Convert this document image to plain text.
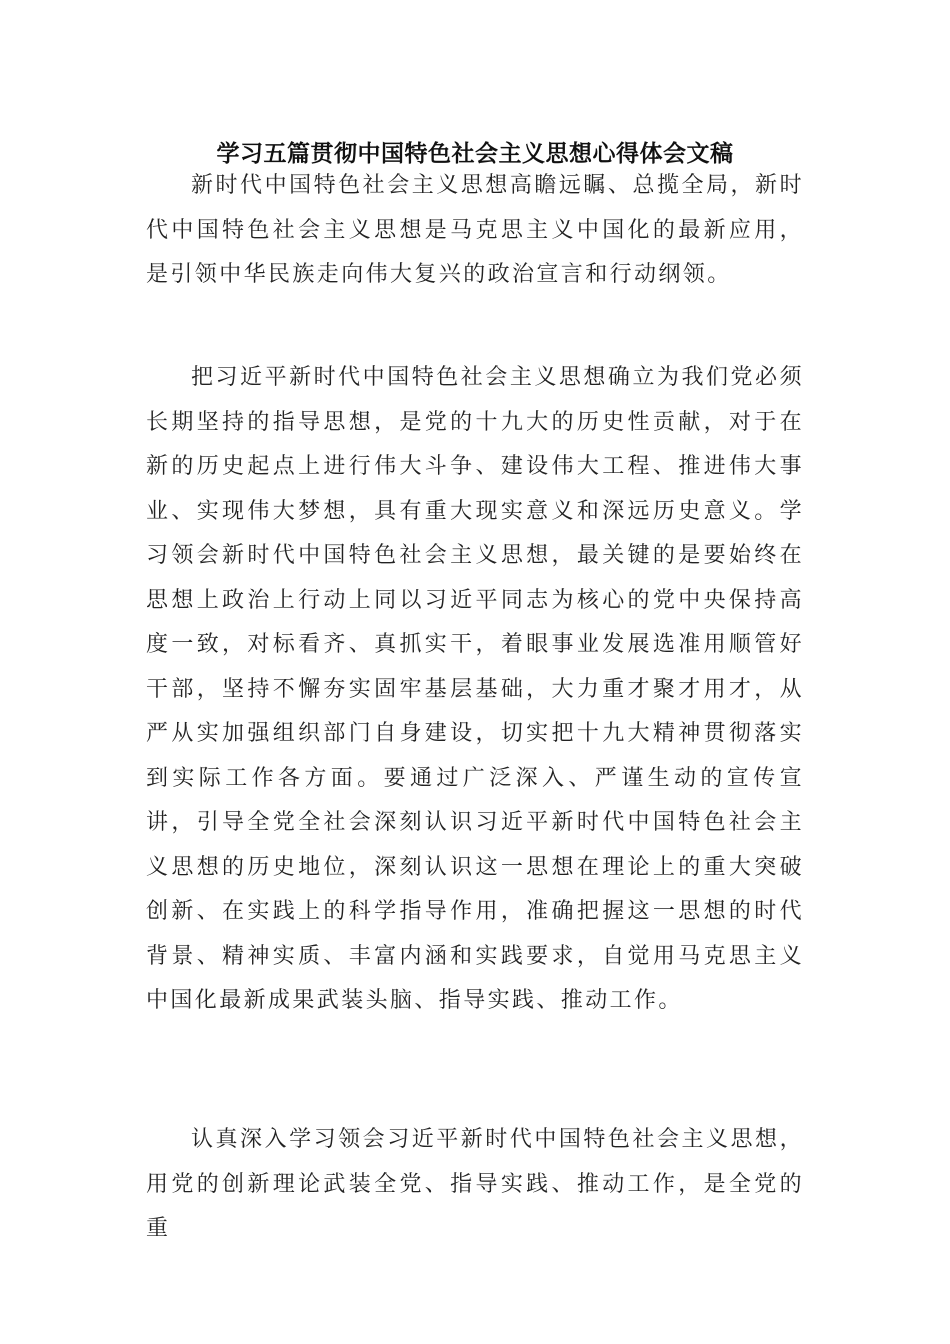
学习五篇贯彻中国特色社会主义思想心得体会文稿

新时代中国特色社会主义思想高瞻远瞩、总揽全局，新时代中国特色社会主义思想是马克思主义中国化的最新应用，是引领中华民族走向伟大复兴的政治宣言和行动纲领。

把习近平新时代中国特色社会主义思想确立为我们党必须长期坚持的指导思想，是党的十九大的历史性贡献，对于在新的历史起点上进行伟大斗争、建设伟大工程、推进伟大事业、实现伟大梦想，具有重大现实意义和深远历史意义。学习领会新时代中国特色社会主义思想，最关键的是要始终在思想上政治上行动上同以习近平同志为核心的党中央保持高度一致，对标看齐、真抓实干，着眼事业发展选准用顺管好干部，坚持不懈夯实固牢基层基础，大力重才聚才用才，从严从实加强组织部门自身建设，切实把十九大精神贯彻落实到实际工作各方面。要通过广泛深入、严谨生动的宣传宣讲，引导全党全社会深刻认识习近平新时代中国特色社会主义思想的历史地位，深刻认识这一思想在理论上的重大突破创新、在实践上的科学指导作用，准确把握这一思想的时代背景、精神实质、丰富内涵和实践要求，自觉用马克思主义中国化最新成果武装头脑、指导实践、推动工作。

认真深入学习领会习近平新时代中国特色社会主义思想，用党的创新理论武装全党、指导实践、推动工作，是全党的重
